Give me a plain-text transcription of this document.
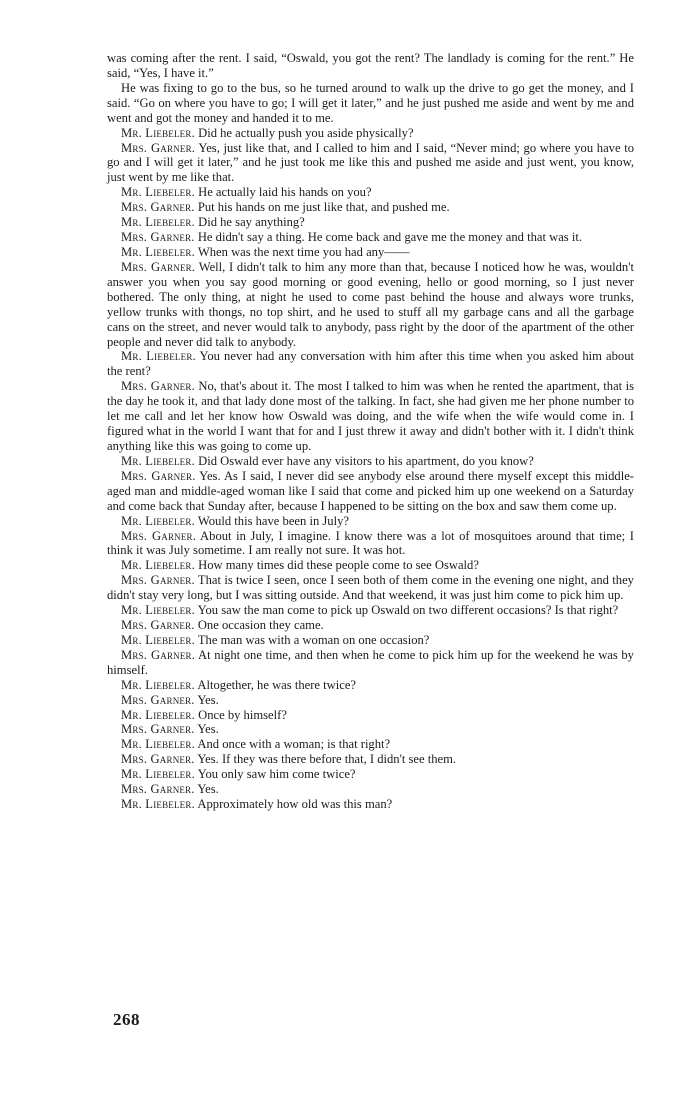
was coming after the rent. I said, “Oswald, you got the rent? The landlady is coming for the rent.” He said, “Yes, I have it.”

He was fixing to go to the bus, so he turned around to walk up the drive to go get the money, and I said. “Go on where you have to go; I will get it later,” and he just pushed me aside and went by me and went and got the money and handed it to me.

Mr. Liebeler. Did he actually push you aside physically?

Mrs. Garner. Yes, just like that, and I called to him and I said, “Never mind; go where you have to go and I will get it later,” and he just took me like this and pushed me aside and just went, you know, just went by me like that.

Mr. Liebeler. He actually laid his hands on you?

Mrs. Garner. Put his hands on me just like that, and pushed me.

Mr. Liebeler. Did he say anything?

Mrs. Garner. He didn't say a thing. He come back and gave me the money and that was it.

Mr. Liebeler. When was the next time you had any——

Mrs. Garner. Well, I didn't talk to him any more than that, because I noticed how he was, wouldn't answer you when you say good morning or good evening, hello or good morning, so I just never bothered. The only thing, at night he used to come past behind the house and always wore trunks, yellow trunks with thongs, no top shirt, and he used to stuff all my garbage cans and all the garbage cans on the street, and never would talk to anybody, pass right by the door of the apartment of the other people and never did talk to anybody.

Mr. Liebeler. You never had any conversation with him after this time when you asked him about the rent?

Mrs. Garner. No, that's about it. The most I talked to him was when he rented the apartment, that is the day he took it, and that lady done most of the talking. In fact, she had given me her phone number to let me call and let her know how Oswald was doing, and the wife when the wife would come in. I figured what in the world I want that for and I just threw it away and didn't bother with it. I didn't think anything like this was going to come up.

Mr. Liebeler. Did Oswald ever have any visitors to his apartment, do you know?

Mrs. Garner. Yes. As I said, I never did see anybody else around there myself except this middle-aged man and middle-aged woman like I said that come and picked him up one weekend on a Saturday and come back that Sunday after, because I happened to be sitting on the box and saw them come up.

Mr. Liebeler. Would this have been in July?

Mrs. Garner. About in July, I imagine. I know there was a lot of mosquitoes around that time; I think it was July sometime. I am really not sure. It was hot.

Mr. Liebeler. How many times did these people come to see Oswald?

Mrs. Garner. That is twice I seen, once I seen both of them come in the evening one night, and they didn't stay very long, but I was sitting outside. And that weekend, it was just him come to pick him up.

Mr. Liebeler. You saw the man come to pick up Oswald on two different occasions? Is that right?

Mrs. Garner. One occasion they came.

Mr. Liebeler. The man was with a woman on one occasion?

Mrs. Garner. At night one time, and then when he come to pick him up for the weekend he was by himself.

Mr. Liebeler. Altogether, he was there twice?

Mrs. Garner. Yes.

Mr. Liebeler. Once by himself?

Mrs. Garner. Yes.

Mr. Liebeler. And once with a woman; is that right?

Mrs. Garner. Yes. If they was there before that, I didn't see them.

Mr. Liebeler. You only saw him come twice?

Mrs. Garner. Yes.

Mr. Liebeler. Approximately how old was this man?

268
